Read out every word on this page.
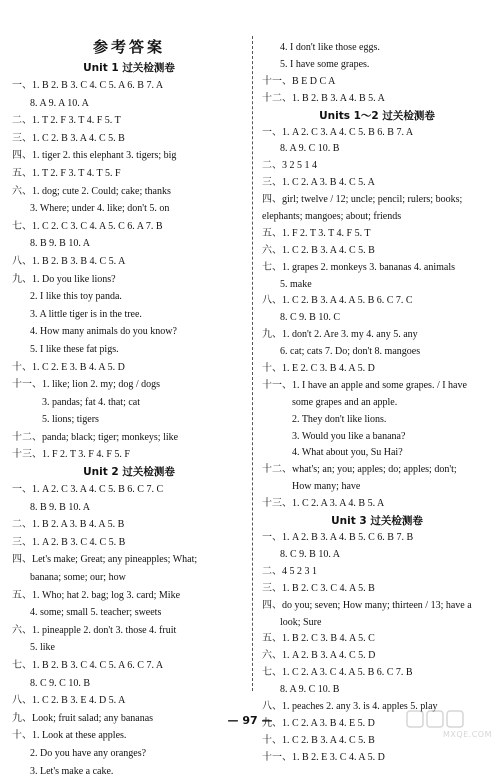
参考答案
Unit 1 过关检测卷
一、1. B 2. B 3. C 4. C 5. A 6. B 7. A
8. A 9. A 10. A
二、1. T 2. F 3. T 4. F 5. T
三、1. C 2. B 3. A 4. C 5. B
四、1. tiger 2. this elephant 3. tigers; big
五、1. T 2. F 3. T 4. T 5. F
六、1. dog; cute 2. Could; cake; thanks
3. Where; under 4. like; don't 5. on
七、1. C 2. C 3. C 4. A 5. C 6. A 7. B
8. B 9. B 10. A
八、1. B 2. B 3. B 4. C 5. A
九、1. Do you like lions?
2. I like this toy panda.
3. A little tiger is in the tree.
4. How many animals do you know?
5. I like these fat pigs.
十、1. C 2. E 3. B 4. A 5. D
十一、1. like; lion 2. my; dog / dogs
3. pandas; fat 4. that; cat
5. lions; tigers
十二、panda; black; tiger; monkeys; like
十三、1. F 2. T 3. F 4. F 5. F
Unit 2 过关检测卷
一、1. A 2. C 3. A 4. C 5. B 6. C 7. C
8. B 9. B 10. A
二、1. B 2. A 3. B 4. A 5. B
三、1. A 2. B 3. C 4. C 5. B
四、Let's make; Great; any pineapples; What;
banana; some; our; how
五、1. Who; hat 2. bag; log 3. card; Mike
4. some; small 5. teacher; sweets
六、1. pineapple 2. don't 3. those 4. fruit
5. like
七、1. B 2. B 3. C 4. C 5. A 6. C 7. A
8. C 9. C 10. B
八、1. C 2. B 3. E 4. D 5. A
九、Look; fruit salad; any bananas
十、1. Look at these apples.
2. Do you have any oranges?
3. Let's make a cake.
4. I don't like those eggs.
5. I have some grapes.
十一、B E D C A
十二、1. B 2. B 3. A 4. B 5. A
Units 1～2 过关检测卷
一、1. A 2. C 3. A 4. C 5. B 6. B 7. A
8. A 9. C 10. B
二、3 2 5 1 4
三、1. C 2. A 3. B 4. C 5. A
四、girl; twelve / 12; uncle; pencil; rulers; books;
elephants; mangoes; about; friends
五、1. F 2. T 3. T 4. F 5. T
六、1. C 2. B 3. A 4. C 5. B
七、1. grapes 2. monkeys 3. bananas 4. animals
5. make
八、1. C 2. B 3. A 4. A 5. B 6. C 7. C
8. C 9. B 10. C
九、1. don't 2. Are 3. my 4. any 5. any
6. cat; cats 7. Do; don't 8. mangoes
十、1. E 2. C 3. B 4. A 5. D
十一、1. I have an apple and some grapes. / I have
some grapes and an apple.
2. They don't like lions.
3. Would you like a banana?
4. What about you, Su Hai?
十二、what's; an; you; apples; do; apples; don't;
How many; have
十三、1. C 2. A 3. A 4. B 5. A
Unit 3 过关检测卷
一、1. A 2. B 3. A 4. B 5. C 6. B 7. B
8. C 9. B 10. A
二、4 5 2 3 1
三、1. B 2. C 3. C 4. A 5. B
四、do you; seven; How many; thirteen / 13; have a
look; Sure
五、1. B 2. C 3. B 4. A 5. C
六、1. A 2. B 3. A 4. C 5. D
七、1. C 2. A 3. C 4. A 5. B 6. C 7. B
8. A 9. C 10. B
八、1. peaches 2. any 3. is 4. apples 5. play
九、1. C 2. A 3. B 4. E 5. D
十、1. C 2. B 3. A 4. C 5. B
十一、1. B 2. E 3. C 4. A 5. D
— 97 —
MXQE.COM
